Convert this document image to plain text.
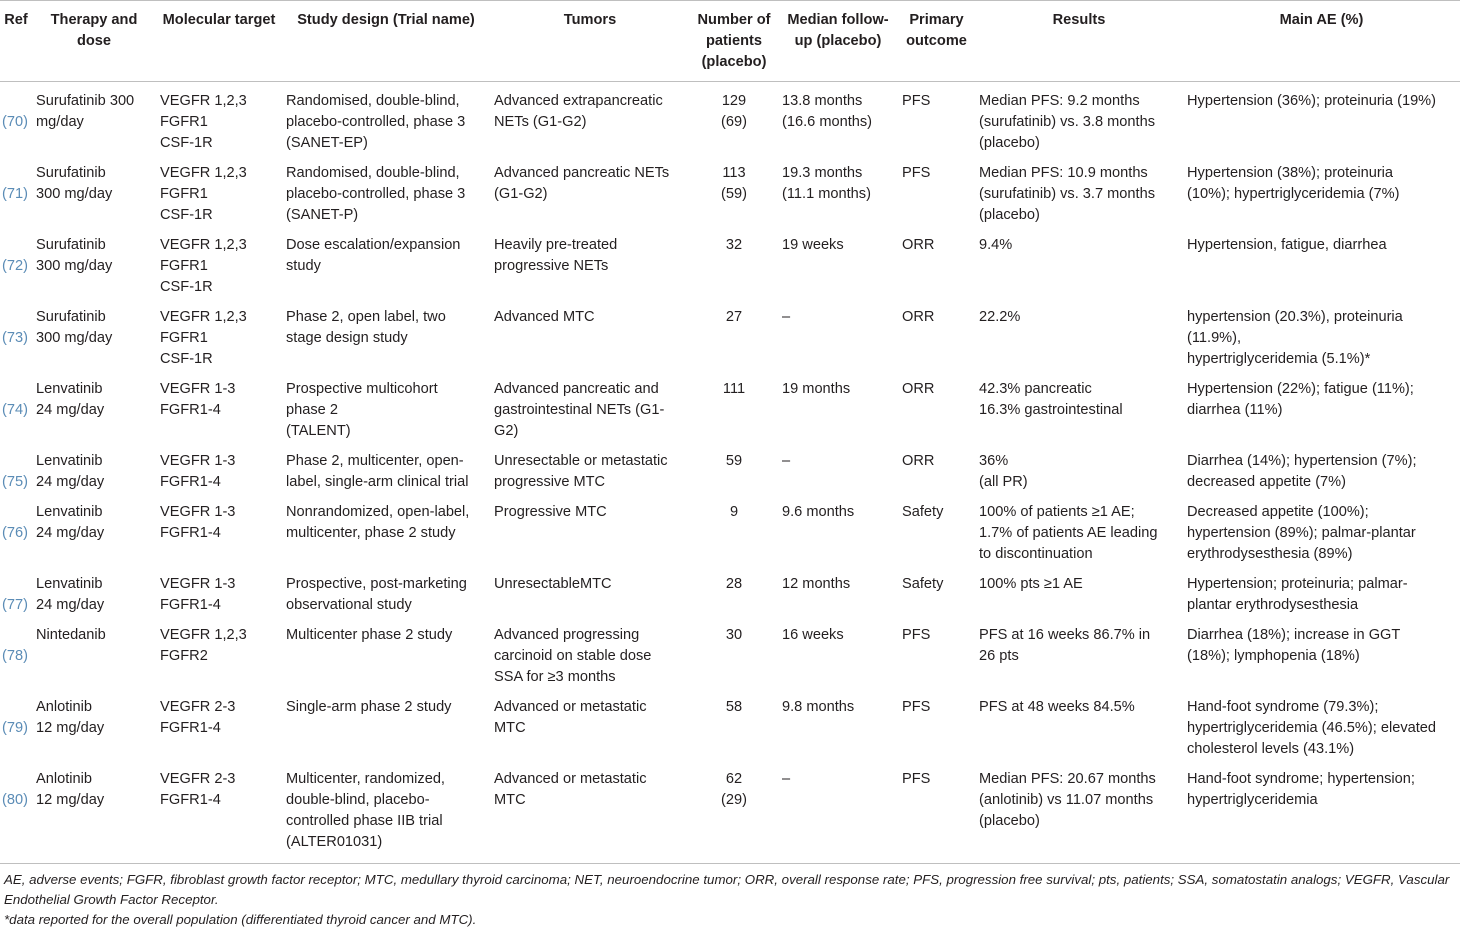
Ref	Therapy and dose	Molecular target	Study design (Trial name)	Tumors	Number of patients (placebo)	Median follow- up (placebo)	Primary outcome	Results	Main AE (%)

(70)	Surufatinib 300
mg/day	VEGFR 1,2,3
FGFR1
CSF-1R	Randomised, double-blind,
placebo-controlled, phase 3
(SANET-EP)	Advanced extrapancreatic
NETs (G1-G2)	129
(69)	13.8 months
(16.6 months)	PFS	Median PFS: 9.2 months
(surufatinib) vs. 3.8 months
(placebo)	Hypertension (36%); proteinuria (19%)

(71)	Surufatinib
300 mg/day	VEGFR 1,2,3
FGFR1
CSF-1R	Randomised, double-blind,
placebo-controlled, phase 3
(SANET-P)	Advanced pancreatic NETs
(G1-G2)	113
(59)	19.3 months
(11.1 months)	PFS	Median PFS: 10.9 months
(surufatinib) vs. 3.7 months
(placebo)	Hypertension (38%); proteinuria
(10%); hypertriglyceridemia (7%)

(72)	Surufatinib
300 mg/day	VEGFR 1,2,3
FGFR1
CSF-1R	Dose escalation/expansion
study	Heavily pre-treated
progressive NETs	32	19 weeks	ORR	9.4%	Hypertension, fatigue, diarrhea

(73)	Surufatinib
300 mg/day	VEGFR 1,2,3
FGFR1
CSF-1R	Phase 2, open label, two
stage design study	Advanced MTC	27	–	ORR	22.2%	hypertension (20.3%), proteinuria
(11.9%),
hypertriglyceridemia (5.1%)*

(74)	Lenvatinib
24 mg/day	VEGFR 1-3
FGFR1-4	Prospective multicohort
phase 2
(TALENT)	Advanced pancreatic and
gastrointestinal NETs (G1-
G2)	111	19 months	ORR	42.3% pancreatic
16.3% gastrointestinal	Hypertension (22%); fatigue (11%);
diarrhea (11%)

(75)	Lenvatinib
24 mg/day	VEGFR 1-3
FGFR1-4	Phase 2, multicenter, open-
label, single-arm clinical trial	Unresectable or metastatic
progressive MTC	59	–	ORR	36%
(all PR)	Diarrhea (14%); hypertension (7%);
decreased appetite (7%)

(76)	Lenvatinib
24 mg/day	VEGFR 1-3
FGFR1-4	Nonrandomized, open-label,
multicenter, phase 2 study	Progressive MTC	9	9.6 months	Safety	100% of patients ≥1 AE;
1.7% of patients AE leading
to discontinuation	Decreased appetite (100%);
hypertension (89%); palmar-plantar
erythrodysesthesia (89%)

(77)	Lenvatinib
24 mg/day	VEGFR 1-3
FGFR1-4	Prospective, post-marketing
observational study	UnresectableMTC	28	12 months	Safety	100% pts ≥1 AE	Hypertension; proteinuria; palmar-
plantar erythrodysesthesia

(78)	Nintedanib	VEGFR 1,2,3
FGFR2	Multicenter phase 2 study	Advanced progressing
carcinoid on stable dose
SSA for ≥3 months	30	16 weeks	PFS	PFS at 16 weeks 86.7% in
26 pts	Diarrhea (18%); increase in GGT
(18%); lymphopenia (18%)

(79)	Anlotinib
12 mg/day	VEGFR 2-3
FGFR1-4	Single-arm phase 2 study	Advanced or metastatic
MTC	58	9.8 months	PFS	PFS at 48 weeks 84.5%	Hand-foot syndrome (79.3%);
hypertriglyceridemia (46.5%); elevated
cholesterol levels (43.1%)

(80)	Anlotinib
12 mg/day	VEGFR 2-3
FGFR1-4	Multicenter, randomized,
double-blind, placebo-
controlled phase IIB trial
(ALTER01031)	Advanced or metastatic
MTC	62
(29)	–	PFS	Median PFS: 20.67 months
(anlotinib) vs 11.07 months
(placebo)	Hand-foot syndrome; hypertension;
hypertriglyceridemia

AE, adverse events; FGFR, fibroblast growth factor receptor; MTC, medullary thyroid carcinoma; NET, neuroendocrine tumor; ORR, overall response rate; PFS, progression free survival; pts, patients; SSA, somatostatin analogs; VEGFR, Vascular Endothelial Growth Factor Receptor.

*data reported for the overall population (differentiated thyroid cancer and MTC).
